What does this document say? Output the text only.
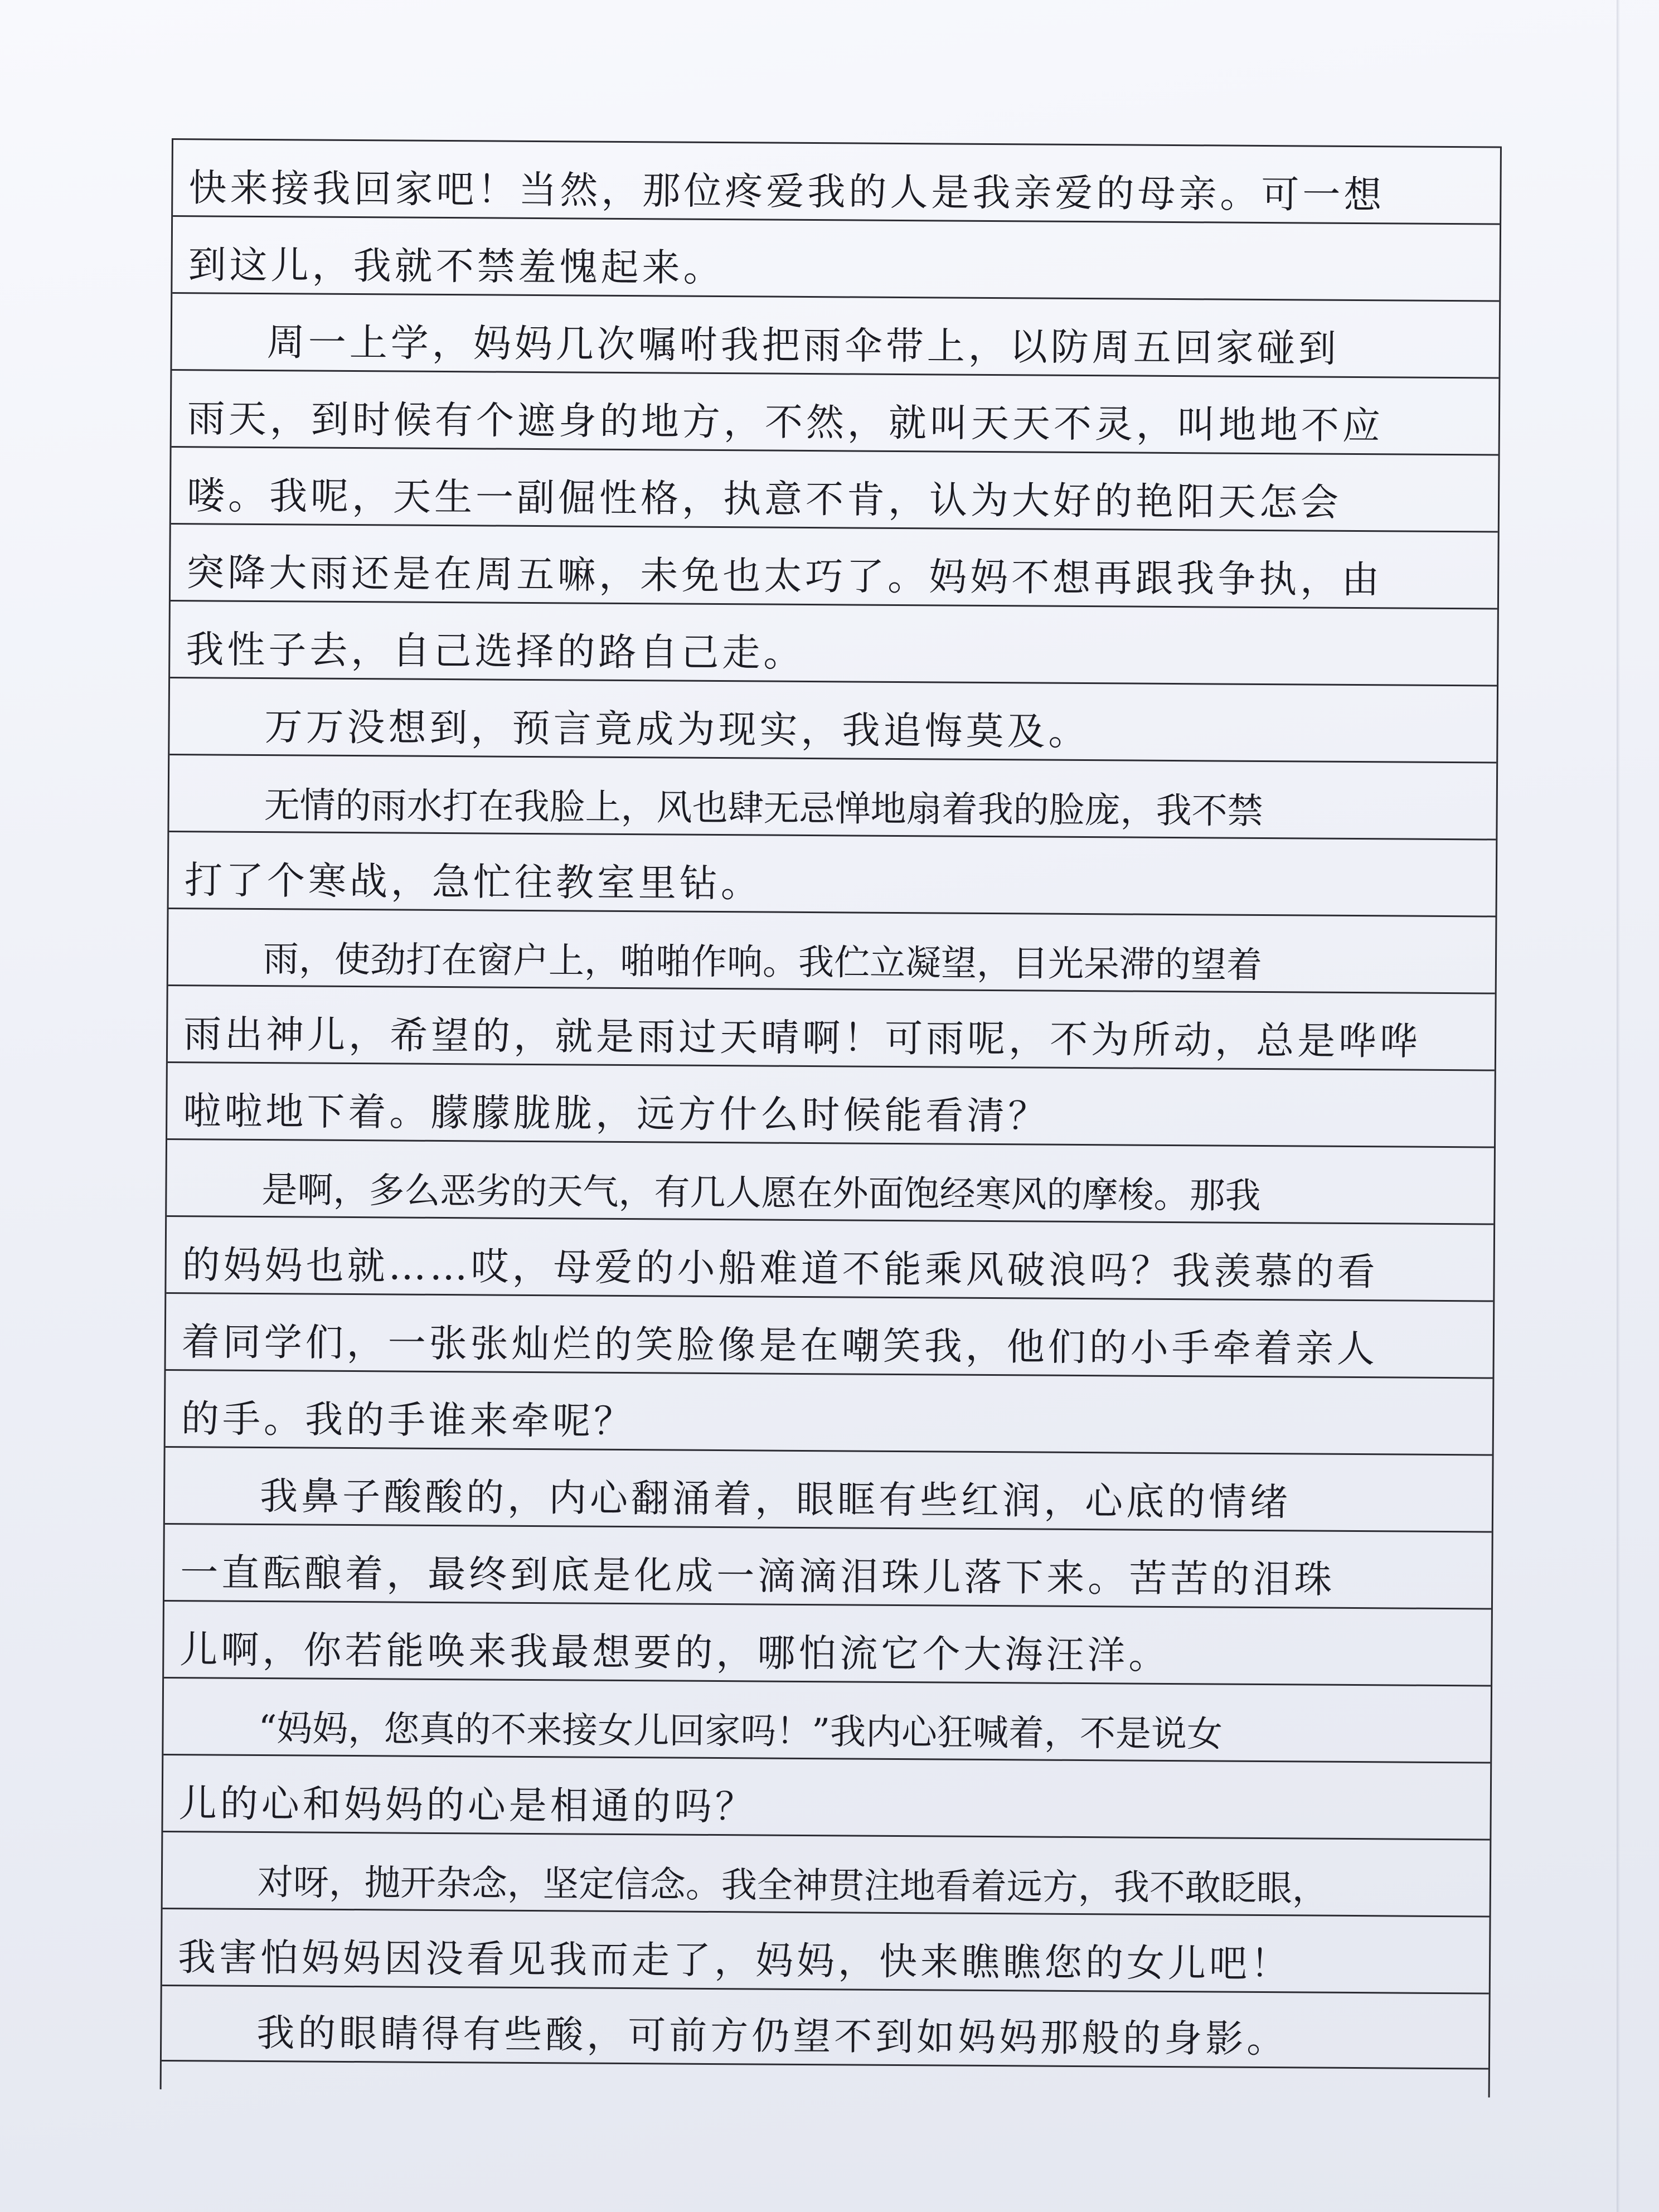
快来接我回家吧！当然，那位疼爱我的人是我亲爱的母亲。可一想
到这儿，我就不禁羞愧起来。
周一上学，妈妈几次嘱咐我把雨伞带上，以防周五回家碰到
雨天，到时候有个遮身的地方，不然，就叫天天不灵，叫地地不应
喽。我呢，天生一副倔性格，执意不肯，认为大好的艳阳天怎会
突降大雨还是在周五嘛，未免也太巧了。妈妈不想再跟我争执，由
我性子去，自己选择的路自己走。
万万没想到，预言竟成为现实，我追悔莫及。
无情的雨水打在我脸上，风也肆无忌惮地扇着我的脸庞，我不禁
打了个寒战，急忙往教室里钻。
雨，使劲打在窗户上，啪啪作响。我伫立凝望，目光呆滞的望着
雨出神儿，希望的，就是雨过天晴啊！可雨呢，不为所动，总是哗哗
啦啦地下着。朦朦胧胧，远方什么时候能看清？
是啊，多么恶劣的天气，有几人愿在外面饱经寒风的摩梭。那我
的妈妈也就……哎，母爱的小船难道不能乘风破浪吗？我羡慕的看
着同学们，一张张灿烂的笑脸像是在嘲笑我，他们的小手牵着亲人
的手。我的手谁来牵呢？
我鼻子酸酸的，内心翻涌着，眼眶有些红润，心底的情绪
一直酝酿着，最终到底是化成一滴滴泪珠儿落下来。苦苦的泪珠
儿啊，你若能唤来我最想要的，哪怕流它个大海汪洋。
“妈妈，您真的不来接女儿回家吗！”我内心狂喊着，不是说女
儿的心和妈妈的心是相通的吗？
对呀，抛开杂念，坚定信念。我全神贯注地看着远方，我不敢眨眼，
我害怕妈妈因没看见我而走了，妈妈，快来瞧瞧您的女儿吧！
我的眼睛得有些酸，可前方仍望不到如妈妈那般的身影。
